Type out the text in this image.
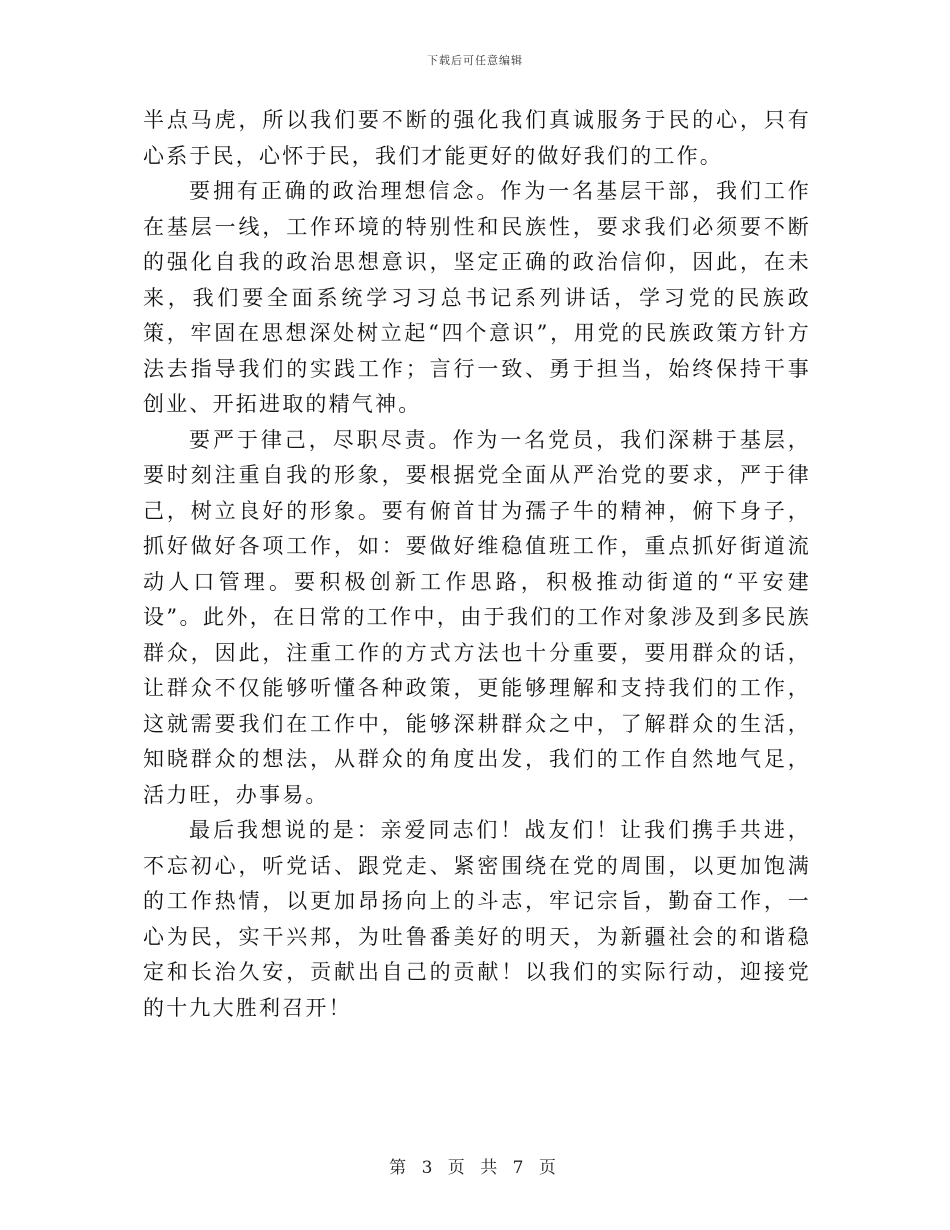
下载后可任意编辑

半点马虎，所以我们要不断的强化我们真诚服务于民的心，只有心系于民，心怀于民，我们才能更好的做好我们的工作。

要拥有正确的政治理想信念。作为一名基层干部，我们工作在基层一线，工作环境的特别性和民族性，要求我们必须要不断的强化自我的政治思想意识，坚定正确的政治信仰，因此，在未来，我们要全面系统学习习总书记系列讲话，学习党的民族政策，牢固在思想深处树立起“四个意识”，用党的民族政策方针方法去指导我们的实践工作；言行一致、勇于担当，始终保持干事创业、开拓进取的精气神。

要严于律己，尽职尽责。作为一名党员，我们深耕于基层，要时刻注重自我的形象，要根据党全面从严治党的要求，严于律己，树立良好的形象。要有俯首甘为孺子牛的精神，俯下身子，抓好做好各项工作，如：要做好维稳值班工作，重点抓好街道流动人口管理。要积极创新工作思路，积极推动街道的“平安建设”。此外，在日常的工作中，由于我们的工作对象涉及到多民族群众，因此，注重工作的方式方法也十分重要，要用群众的话，让群众不仅能够听懂各种政策，更能够理解和支持我们的工作，这就需要我们在工作中，能够深耕群众之中，了解群众的生活，知晓群众的想法，从群众的角度出发，我们的工作自然地气足，活力旺，办事易。

最后我想说的是：亲爱同志们！战友们！让我们携手共进，不忘初心，听党话、跟党走、紧密围绕在党的周围，以更加饱满的工作热情，以更加昂扬向上的斗志，牢记宗旨，勤奋工作，一心为民，实干兴邦，为吐鲁番美好的明天，为新疆社会的和谐稳定和长治久安，贡献出自己的贡献！以我们的实际行动，迎接党的十九大胜利召开！

第 3 页 共 7 页
